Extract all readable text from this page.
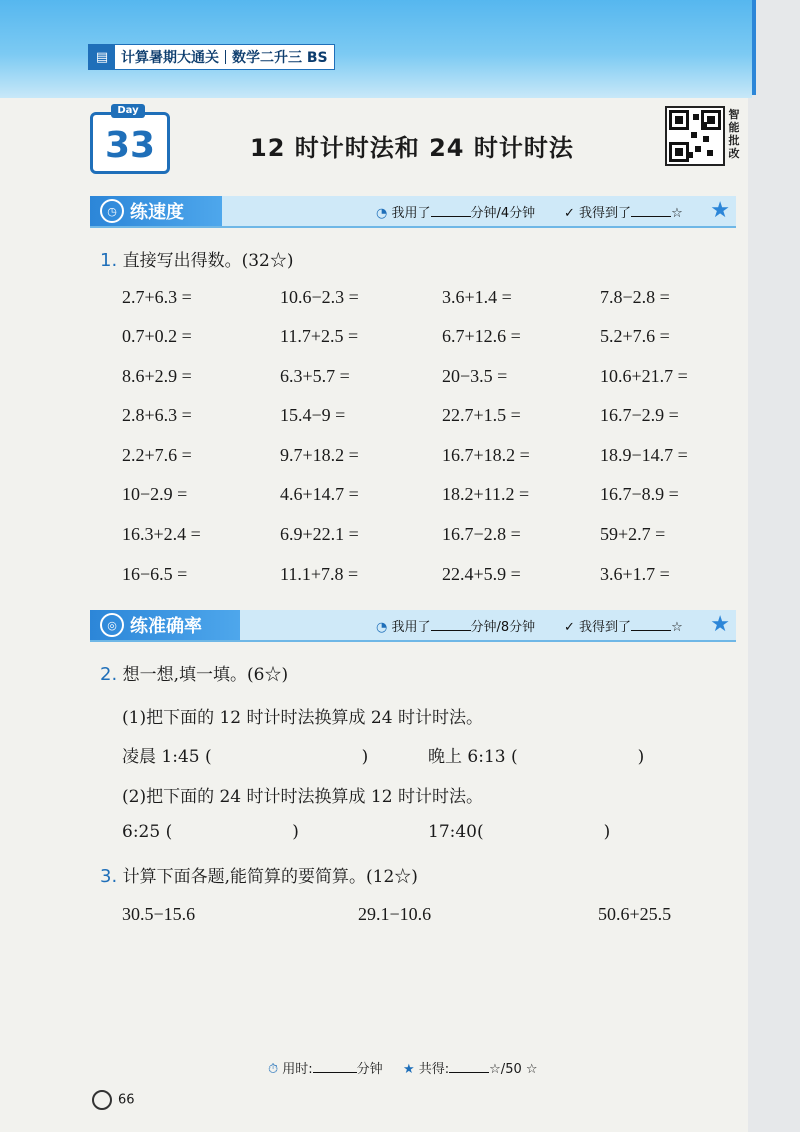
▤ 计算暑期大通关 数学二升三 BS
Day
33	12 时计时法和 24 时计时法
智
能
批
改
◷ 练速度	◔ 我用了	分钟/4分钟 ✓ 我得到了	☆ ★
1. 直接写出得数。(32☆)
2.7+6.3 =	10.6−2.3 =	3.6+1.4 =	7.8−2.8 =
0.7+0.2 =	11.7+2.5 =	6.7+12.6 =	5.2+7.6 =
8.6+2.9 =	6.3+5.7 =	20−3.5 =	10.6+21.7 =
2.8+6.3 =	15.4−9 =	22.7+1.5 =	16.7−2.9 =
2.2+7.6 =	9.7+18.2 =	16.7+18.2 =	18.9−14.7 =
10−2.9 =	4.6+14.7 =	18.2+11.2 =	16.7−8.9 =
16.3+2.4 =	6.9+22.1 =	16.7−2.8 =	59+2.7 =
16−6.5 =	11.1+7.8 =	22.4+5.9 =	3.6+1.7 =
◎ 练准确率	◔ 我用了	分钟/8分钟 ✓ 我得到了	☆ ★
2. 想一想,填一填。(6☆)
(1)把下面的 12 时计时法换算成 24 时计时法。
凌晨 1:45 (	)	晚上 6:13 (	)
(2)把下面的 24 时计时法换算成 12 时计时法。
6:25 (	)	17:40(	)
3. 计算下面各题,能简算的要简算。(12☆)
30.5−15.6	29.1−10.6	50.6+25.5
⏱ 用时:	分钟 ★ 共得:	☆/50 ☆
66
